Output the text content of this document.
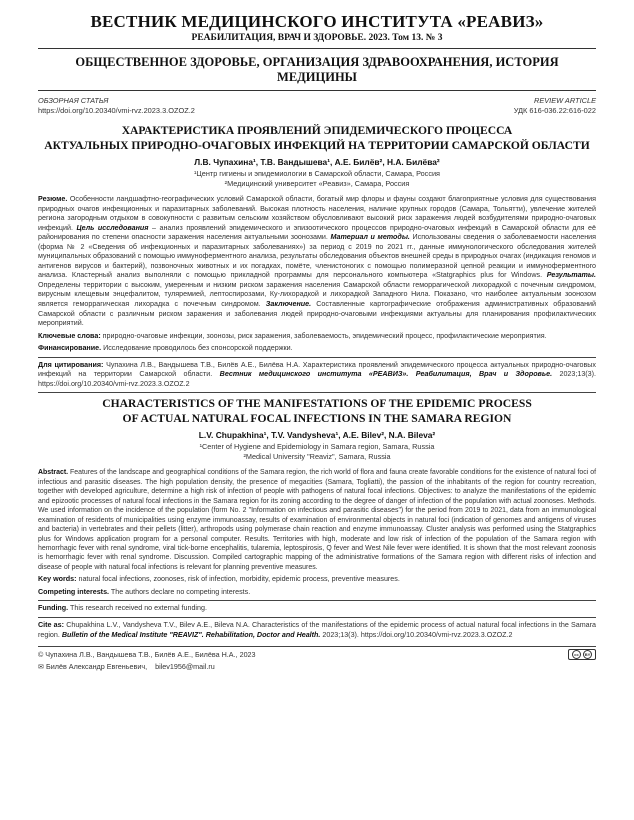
ВЕСТНИК МЕДИЦИНСКОГО ИНСТИТУТА «РЕАВИЗ»
РЕАБИЛИТАЦИЯ, ВРАЧ И ЗДОРОВЬЕ. 2023. Том 13. № 3
ОБЩЕСТВЕННОЕ ЗДОРОВЬЕ, ОРГАНИЗАЦИЯ ЗДРАВООХРАНЕНИЯ, ИСТОРИЯ МЕДИЦИНЫ
ОБЗОРНАЯ СТАТЬЯ
https://doi.org/10.20340/vmi-rvz.2023.3.OZOZ.2
REVIEW ARTICLE
УДК 616-036.22:616-022
ХАРАКТЕРИСТИКА ПРОЯВЛЕНИЙ ЭПИДЕМИЧЕСКОГО ПРОЦЕССА
АКТУАЛЬНЫХ ПРИРОДНО-ОЧАГОВЫХ ИНФЕКЦИЙ НА ТЕРРИТОРИИ САМАРСКОЙ ОБЛАСТИ
Л.В. Чупахина¹, Т.В. Вандышева¹, А.Е. Билёв², Н.А. Билёва²
¹Центр гигиены и эпидемиологии в Самарской области, Самара, Россия
²Медицинский университет «Реавиз», Самара, Россия
Резюме. Особенности ландшафтно-географических условий Самарской области, богатый мир флоры и фауны создают благоприятные условия для существования природных очагов инфекционных и паразитарных заболеваний. Высокая плотность населения, наличие крупных городов (Самара, Тольятти), увлечение жителей региона загородным отдыхом в совокупности с развитым сельским хозяйством обусловливают высокий риск заражения людей возбудителями природно-очаговых инфекций. Цель исследования – анализ проявлений эпидемического и эпизоотического процессов природно-очаговых инфекций в Самарской области для её районирования по степени опасности заражения населения актуальными зоонозами. Материал и методы. Использованы сведения о заболеваемости населения (форма № 2 «Сведения об инфекционных и паразитарных заболеваниях») за период с 2019 по 2021 гг., данные иммунологического обследования жителей муниципальных образований с помощью иммуноферментного анализа, результаты обследования объектов внешней среды в природных очагах (индикация геномов и антигенов вирусов и бактерий), позвоночных животных и их погадках, помёте, членистоногих с помощью полимеразной цепной реакции и иммуноферментного анализа. Кластерный анализ выполняли с помощью прикладной программы для персонального компьютера «Statgraphics plus for Windows. Результаты. Определены территории с высоким, умеренным и низким риском заражения населения Самарской области геморрагической лихорадкой с почечным синдромом, вирусным клещевым энцефалитом, туляремией, лептоспирозами, Ку-лихорадкой и лихорадкой Западного Нила. Показано, что наиболее актуальным зоонозом является геморрагическая лихорадка с почечным синдромом. Заключение. Составленные картографические отображения административных образований Самарской области с различным риском заражения и заболевания людей природно-очаговыми инфекциями актуальны для планирования профилактических мероприятий.
Ключевые слова: природно-очаговые инфекции, зоонозы, риск заражения, заболеваемость, эпидемический процесс, профилактические мероприятия.
Финансирование. Исследование проводилось без спонсорской поддержки.
Для цитирования: Чупахина Л.В., Вандышева Т.В., Билёв А.Е., Билёва Н.А. Характеристика проявлений эпидемического процесса актуальных природно-очаговых инфекций на территории Самарской области. Вестник медицинского института «РЕАВИЗ». Реабилитация, Врач и Здоровье. 2023;13(3). https://doi.org/10.20340/vmi-rvz.2023.3.OZOZ.2
CHARACTERISTICS OF THE MANIFESTATIONS OF THE EPIDEMIC PROCESS
OF ACTUAL NATURAL FOCAL INFECTIONS IN THE SAMARA REGION
L.V. Chupakhina¹, T.V. Vandysheva¹, A.E. Bilev², N.A. Bileva²
¹Center of Hygiene and Epidemiology in Samara region, Samara, Russia
²Medical University "Reaviz", Samara, Russia
Abstract. Features of the landscape and geographical conditions of the Samara region, the rich world of flora and fauna create favorable conditions for the existence of natural foci of infectious and parasitic diseases. The high population density, the presence of megacities (Samara, Togliatti), the passion of the inhabitants of the region for country recreation, together with developed agriculture, determine a high risk of infection of people with pathogens of natural focal infections. Objectives: to analyze the manifestations of the epidemic and epizootic processes of natural focal infections in the Samara region for its zoning according to the degree of danger of infection of the population with actual zoonoses. Methods. We used information on the incidence of the population (form No. 2 "Information on infectious and parasitic diseases") for the period from 2019 to 2021, data from an immunological examination of residents of municipalities using enzyme immunoassay, results of examination of environmental objects in natural foci (indication of genomes and antigens of viruses and bacteria) in vertebrates and their pellets (litter), arthropods using polymerase chain reaction and enzyme immunoassay. Cluster analysis was performed using the Statgraphics plus for Windows application program for a personal computer. Results. Territories with high, moderate and low risk of infection of the population of the Samara region with hemorrhagic fever with renal syndrome, viral tick-borne encephalitis, tularemia, leptospirosis, Q fever and West Nile fever were identified. It is shown that the most relevant zoonosis is hemorrhagic fever with renal syndrome. Discussion. Compiled cartographic mapping of the administrative formations of the Samara region with different risks of infection and disease of people with natural focal infections is relevant for planning preventive measures.
Key words: natural focal infections, zoonoses, risk of infection, morbidity, epidemic process, preventive measures.
Competing interests. The authors declare no competing interests.
Funding. This research received no external funding.
Cite as: Chupakhina L.V., Vandysheva T.V., Bilev A.E., Bileva N.A. Characteristics of the manifestations of the epidemic process of actual natural focal infections in the Samara region. Bulletin of the Medical Institute "REAVIZ". Rehabilitation, Doctor and Health. 2023;13(3). https://doi.org/10.20340/vmi-rvz.2023.3.OZOZ.2
© Чупахина Л.В., Вандышева Т.В., Билёв А.Е., Билёва Н.А., 2023
✉ Билёв Александр Евгеньевич, bilev1956@mail.ru
cc	BY
